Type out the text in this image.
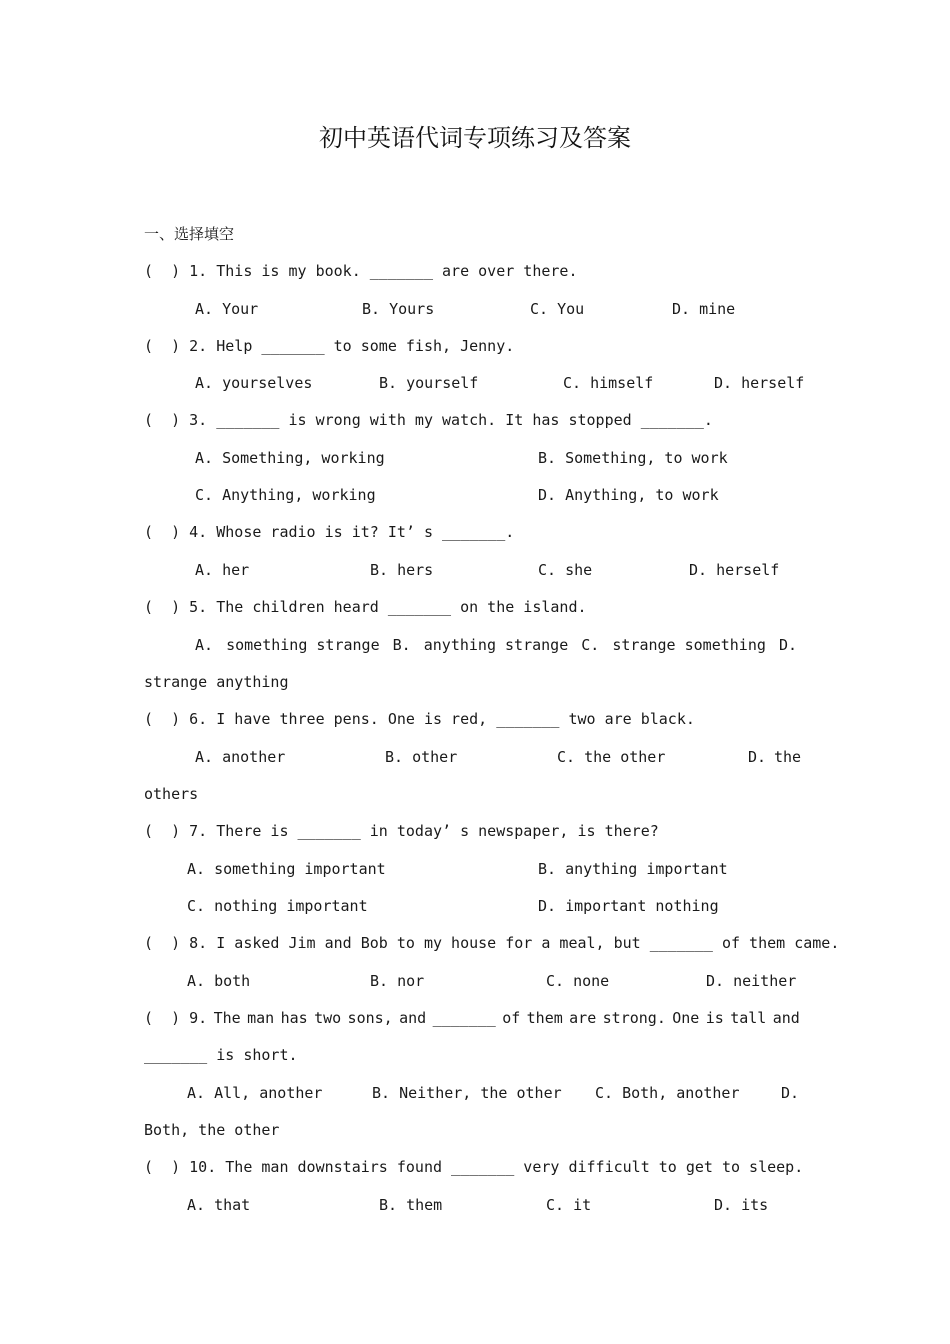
初中英语代词专项练习及答案
一、选择填空
(  ) 1. This is my book. _______ are over there.
A. Your	B. Yours	C. You	D. mine
(  ) 2. Help _______ to some fish, Jenny.
A. yourselves	B. yourself	C. himself	D. herself
(  ) 3. _______ is wrong with my watch. It has stopped _______.
A. Something, working	B. Something, to work
C. Anything, working	D. Anything, to work
(  ) 4. Whose radio is it? It’ s _______.
A. her	B. hers	C. she	D. herself
(  ) 5. The children heard _______ on the island.
A. something strange B. anything strange C. strange something D.
strange anything
(  ) 6. I have three pens. One is red, _______ two are black.
A. another	B. other	C. the other	D. the
others
(  ) 7. There is _______ in today’ s newspaper, is there?
A. something important	B. anything important
C. nothing important	D. important nothing
(  ) 8. I asked Jim and Bob to my house for a meal, but _______ of them came.
A. both	B. nor	C. none	D. neither
(  ) 9. The man has two sons, and _______ of them are strong. One is tall and
_______ is short.
A. All, another	B. Neither, the other C. Both, another	D.
Both, the other
(  ) 10. The man downstairs found _______ very difficult to get to sleep.
A. that	B. them	C. it	D. its
